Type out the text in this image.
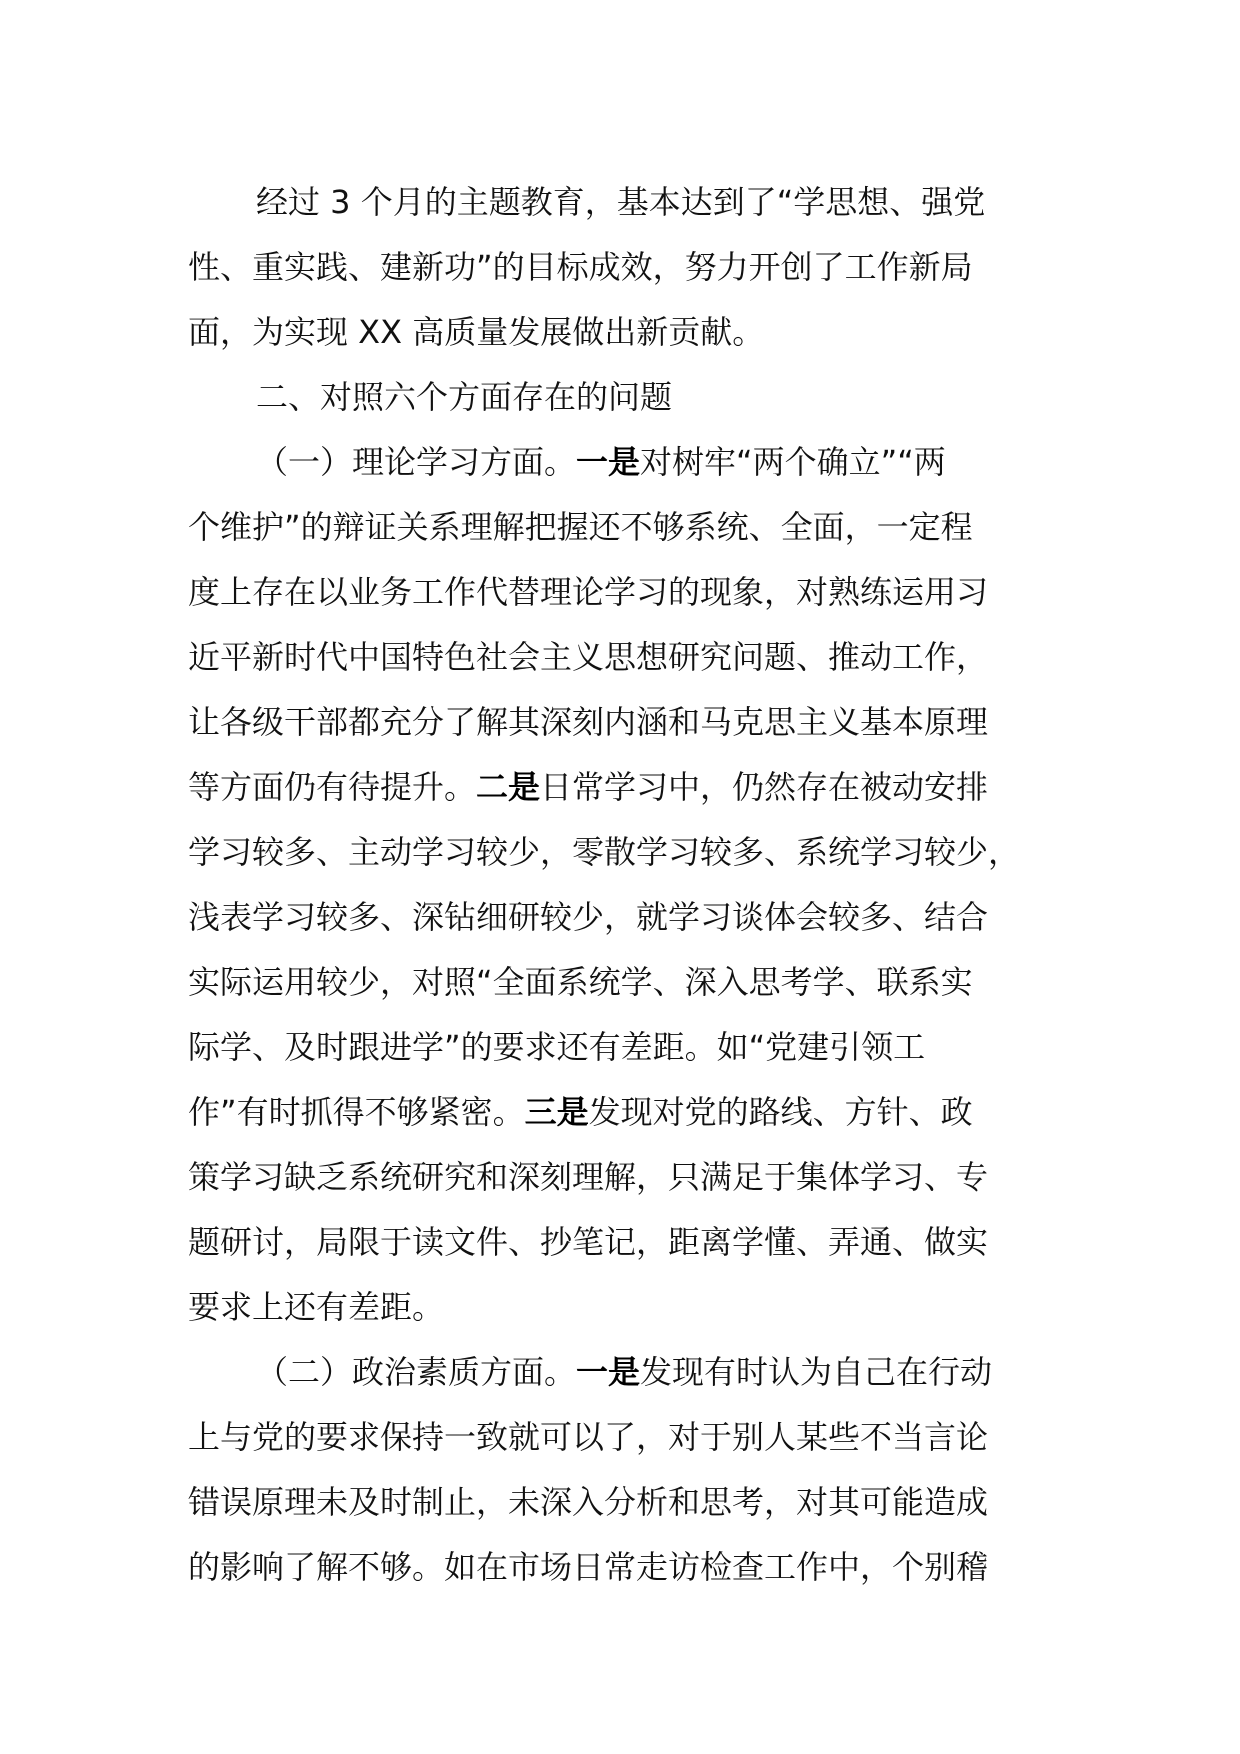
经过 3 个月的主题教育，基本达到了“学思想、强党
性、重实践、建新功”的目标成效，努力开创了工作新局
面，为实现 XX 高质量发展做出新贡献。

二、对照六个方面存在的问题

（一）理论学习方面。一是对树牢“两个确立”“两
个维护”的辩证关系理解把握还不够系统、全面，一定程
度上存在以业务工作代替理论学习的现象，对熟练运用习
近平新时代中国特色社会主义思想研究问题、推动工作，
让各级干部都充分了解其深刻内涵和马克思主义基本原理
等方面仍有待提升。二是日常学习中，仍然存在被动安排
学习较多、主动学习较少，零散学习较多、系统学习较少，
浅表学习较多、深钻细研较少，就学习谈体会较多、结合
实际运用较少，对照“全面系统学、深入思考学、联系实
际学、及时跟进学”的要求还有差距。如“党建引领工
作”有时抓得不够紧密。三是发现对党的路线、方针、政
策学习缺乏系统研究和深刻理解，只满足于集体学习、专
题研讨，局限于读文件、抄笔记，距离学懂、弄通、做实
要求上还有差距。

（二）政治素质方面。一是发现有时认为自己在行动
上与党的要求保持一致就可以了，对于别人某些不当言论
错误原理未及时制止，未深入分析和思考，对其可能造成
的影响了解不够。如在市场日常走访检查工作中，个别稽
